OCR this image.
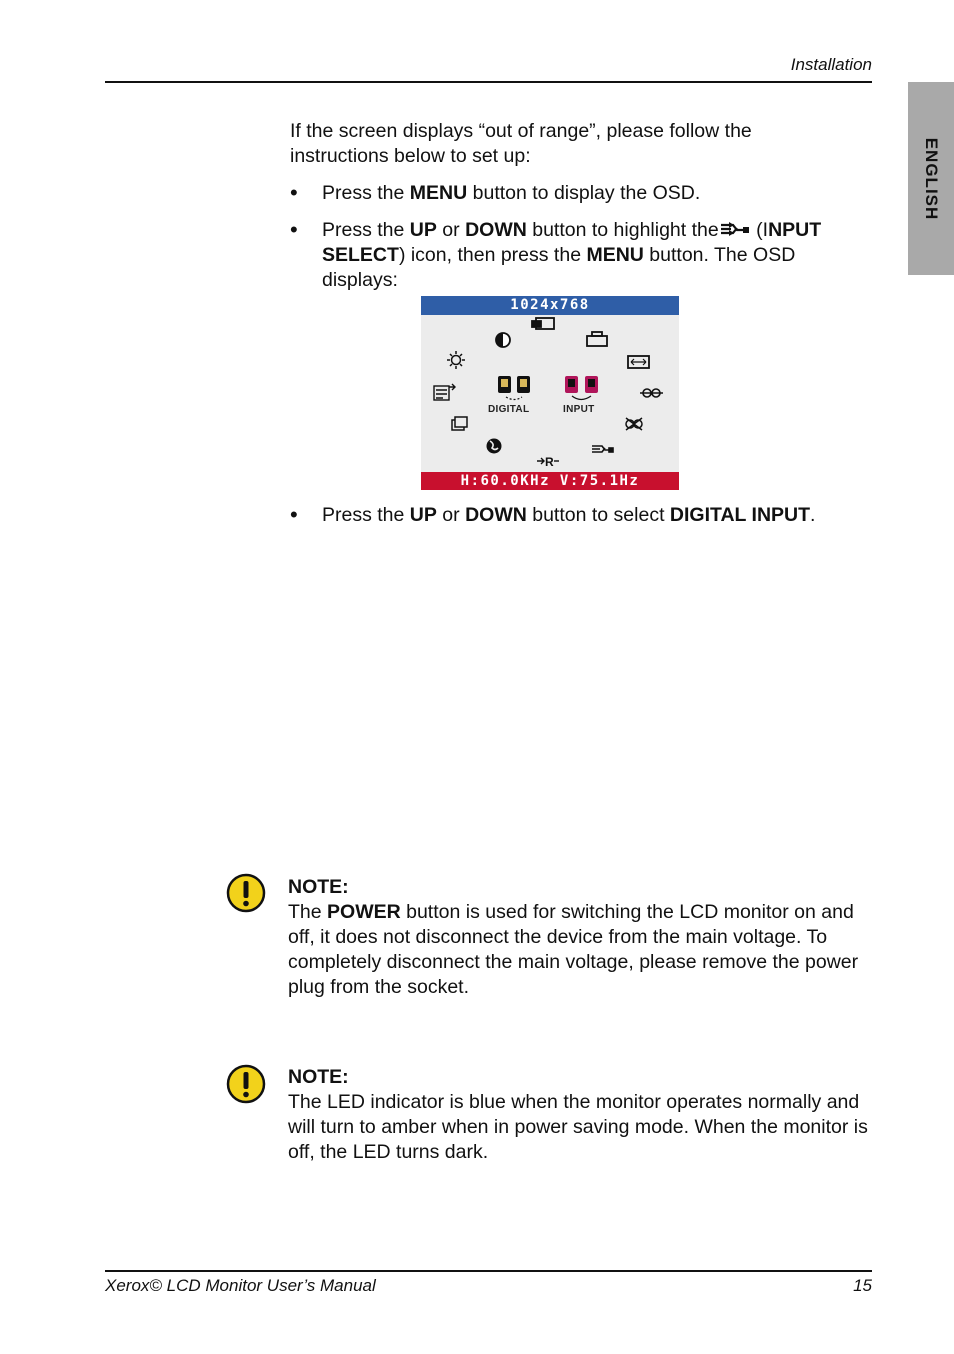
Installation
ENGLISH
If the screen displays “out of range”, please follow the instructions below to set up:
• Press the MENU button to display the OSD.
• Press the UP or DOWN button to highlight the (INPUT SELECT) icon, then press the MENU button. The OSD displays:
1024x768
R
DIGITAL	INPUT
H:60.0KHz V:75.1Hz
• Press the UP or DOWN button to select DIGITAL INPUT.
NOTE:
The POWER button is used for switching the LCD monitor on and off, it does not disconnect the device from the main voltage. To completely disconnect the main voltage, please remove the power plug from the socket.
NOTE:
The LED indicator is blue when the monitor operates normally and will turn to amber when in power saving mode. When the monitor is off, the LED turns dark.
Xerox© LCD Monitor User’s Manual	15
